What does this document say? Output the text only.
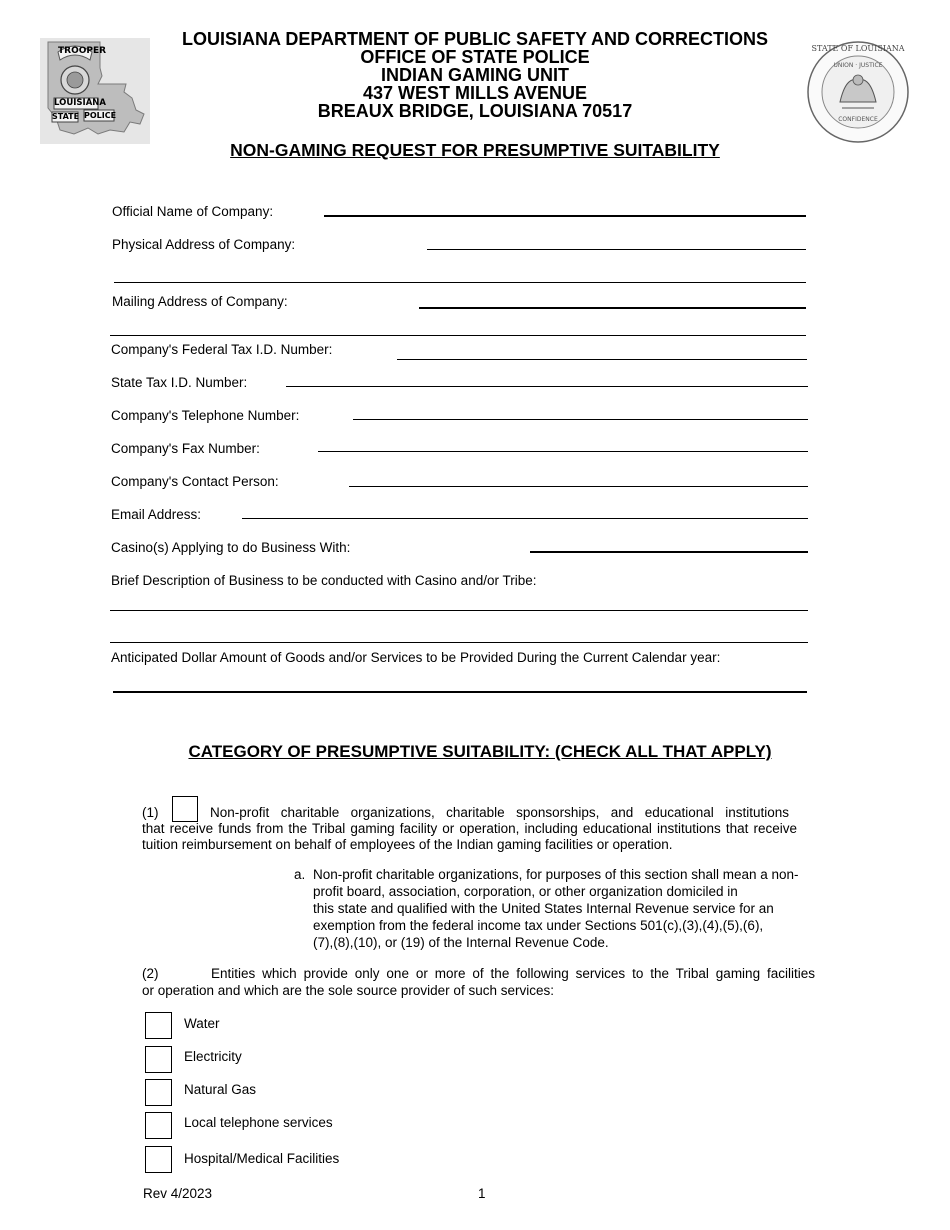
TROOPER
LOUISIANA
STATE POLICE
STATE OF LOUISIANA
UNION · JUSTICE
CONFIDENCE
LOUISIANA DEPARTMENT OF PUBLIC SAFETY AND CORRECTIONS
OFFICE OF STATE POLICE
INDIAN GAMING UNIT
437 WEST MILLS AVENUE
BREAUX BRIDGE, LOUISIANA 70517
NON-GAMING REQUEST FOR PRESUMPTIVE SUITABILITY
Official Name of Company:
Physical Address of Company:
Mailing Address of Company:
Company's Federal Tax I.D. Number:
State Tax I.D. Number:
Company's Telephone Number:
Company's Fax Number:
Company's Contact Person:
Email Address:
Casino(s) Applying to do Business With:
Brief Description of Business to be conducted with Casino and/or Tribe:
Anticipated Dollar Amount of Goods and/or Services to be Provided During the Current Calendar year:
CATEGORY OF PRESUMPTIVE SUITABILITY: (CHECK ALL THAT APPLY)
(1)	Non-profit charitable organizations, charitable sponsorships, and educational institutions
that receive funds from the Tribal gaming facility or operation, including educational institutions that receive tuition reimbursement on behalf of employees of the Indian gaming facilities or operation.
a. Non-profit charitable organizations, for purposes of this section shall mean a non-
profit board, association, corporation, or other organization domiciled in
this state and qualified with the United States Internal Revenue service for an
exemption from the federal income tax under Sections 501(c),(3),(4),(5),(6),
(7),(8),(10), or (19) of the Internal Revenue Code.
(2)	Entities which provide only one or more of the following services to the Tribal gaming facilities
or operation and which are the sole source provider of such services:
Water
Electricity
Natural Gas
Local telephone services
Hospital/Medical Facilities
Rev 4/2023	1
